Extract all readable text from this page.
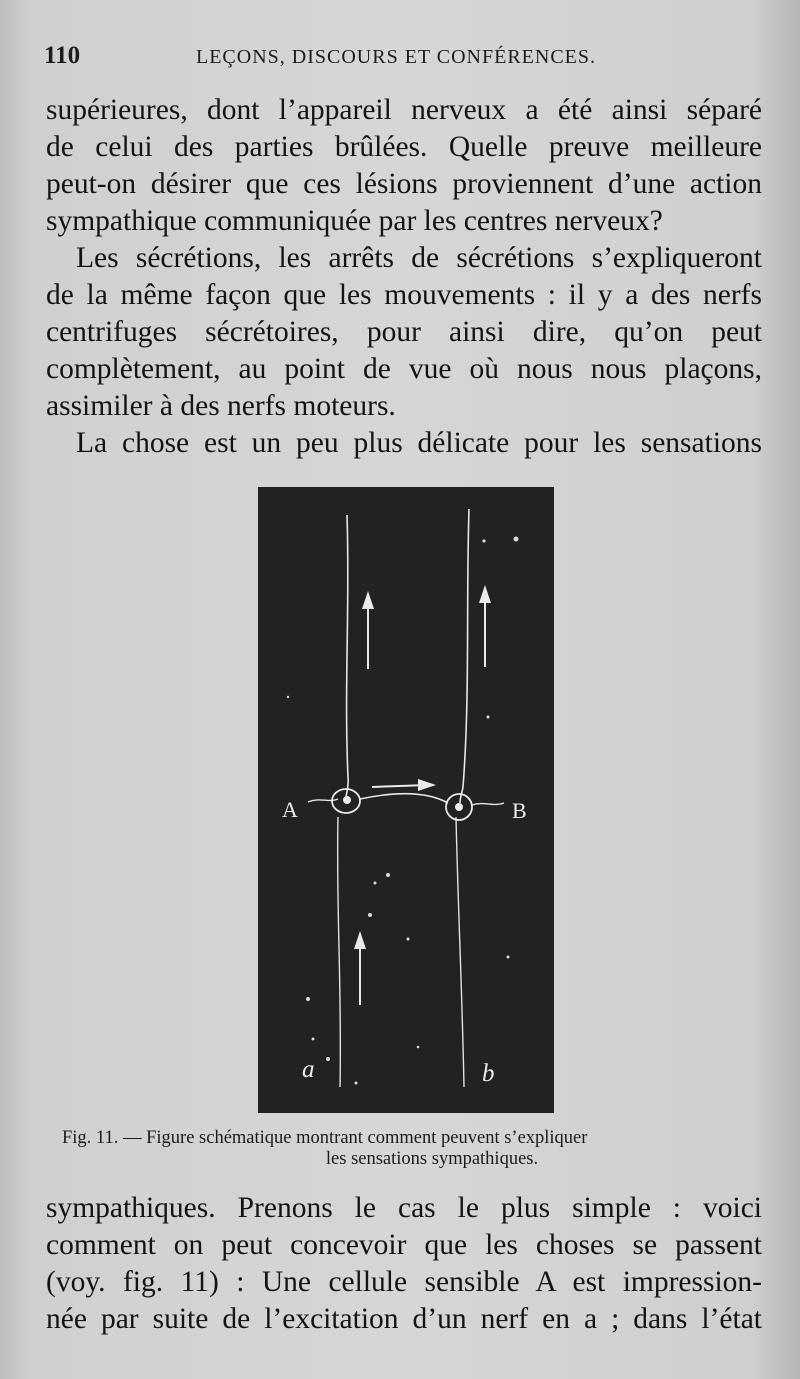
110	LEÇONS, DISCOURS ET CONFÉRENCES.
supérieures, dont l’appareil nerveux a été ainsi séparé
de celui des parties brûlées. Quelle preuve meilleure
peut-on désirer que ces lésions proviennent d’une action
sympathique communiquée par les centres nerveux?
Les sécrétions, les arrêts de sécrétions s’expliqueront
de la même façon que les mouvements : il y a des nerfs
centrifuges sécrétoires, pour ainsi dire, qu’on peut
complètement, au point de vue où nous nous plaçons,
assimiler à des nerfs moteurs.
La chose est un peu plus délicate pour les sensations
A	B
a	b
Fig. 11. — Figure schématique montrant comment peuvent s’expliquer
les sensations sympathiques.
sympathiques. Prenons le cas le plus simple : voici
comment on peut concevoir que les choses se passent
(voy. fig. 11) : Une cellule sensible A est impression-
née par suite de l’excitation d’un nerf en a ; dans l’état
